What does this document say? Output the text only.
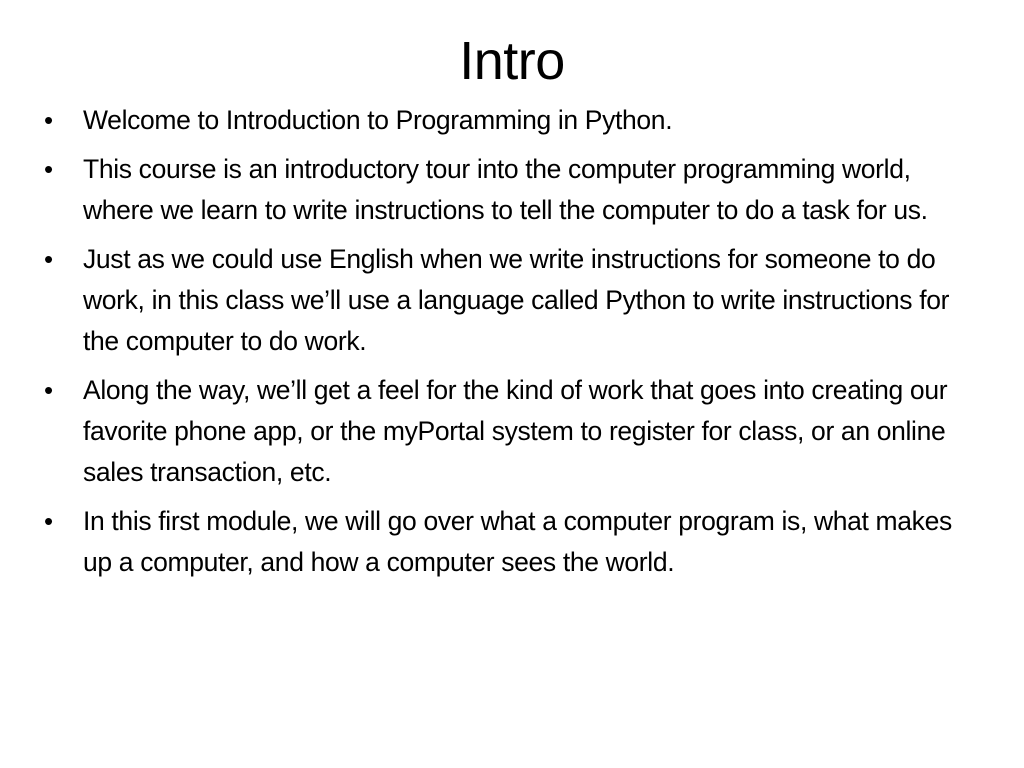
Intro
•	Welcome to Introduction to Programming in Python.
•	This course is an introductory tour into the computer programming world, where we learn to write instructions to tell the computer to do a task for us.
•	Just as we could use English when we write instructions for someone to do work, in this class we’ll use a language called Python to write instructions for the computer to do work.
•	Along the way, we’ll get a feel for the kind of work that goes into creating our favorite phone app, or the myPortal system to register for class, or an online sales transaction, etc.
•	In this first module, we will go over what a computer program is, what makes up a computer, and how a computer sees the world.
